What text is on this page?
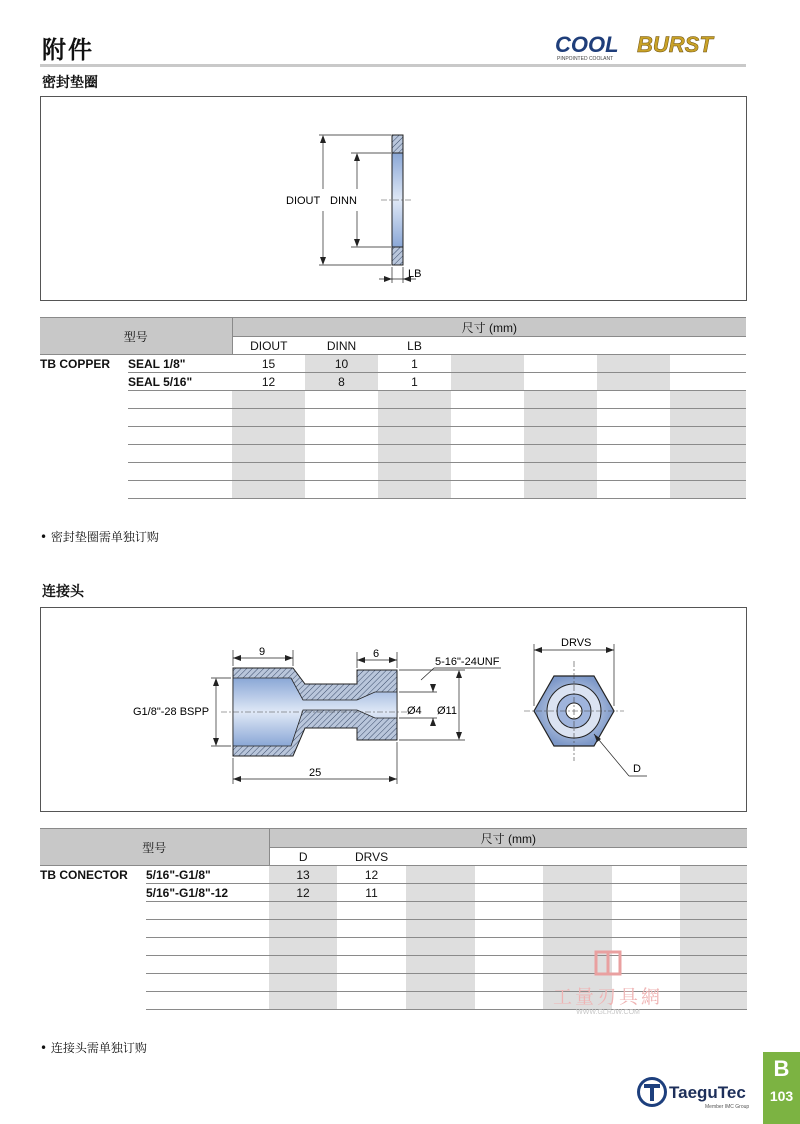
附件	COOL BURST
PINPOINTED COOLANT
密封垫圈
DIOUT DINN
LB
型号		尺寸 (mm)						
		DIOUT	DINN	LB				
TB COPPER	SEAL 1/8"	15	10	1				
	SEAL 5/16"	12	8	1				

• 密封垫圈需单独订购
连接头
9	6
5-16"-24UNF
G1/8"-28 BSPP	Ø4 Ø11
25
DRVS
D
型号		尺寸 (mm)						
		D	DRVS					
TB CONECTOR	5/16"-G1/8"	13	12					
	5/16"-G1/8"-12	12	11					

工量刃具網
WWW.GLRJW.COM
• 连接头需单独订购
TaeguTec
Member IMC Group
B
103
